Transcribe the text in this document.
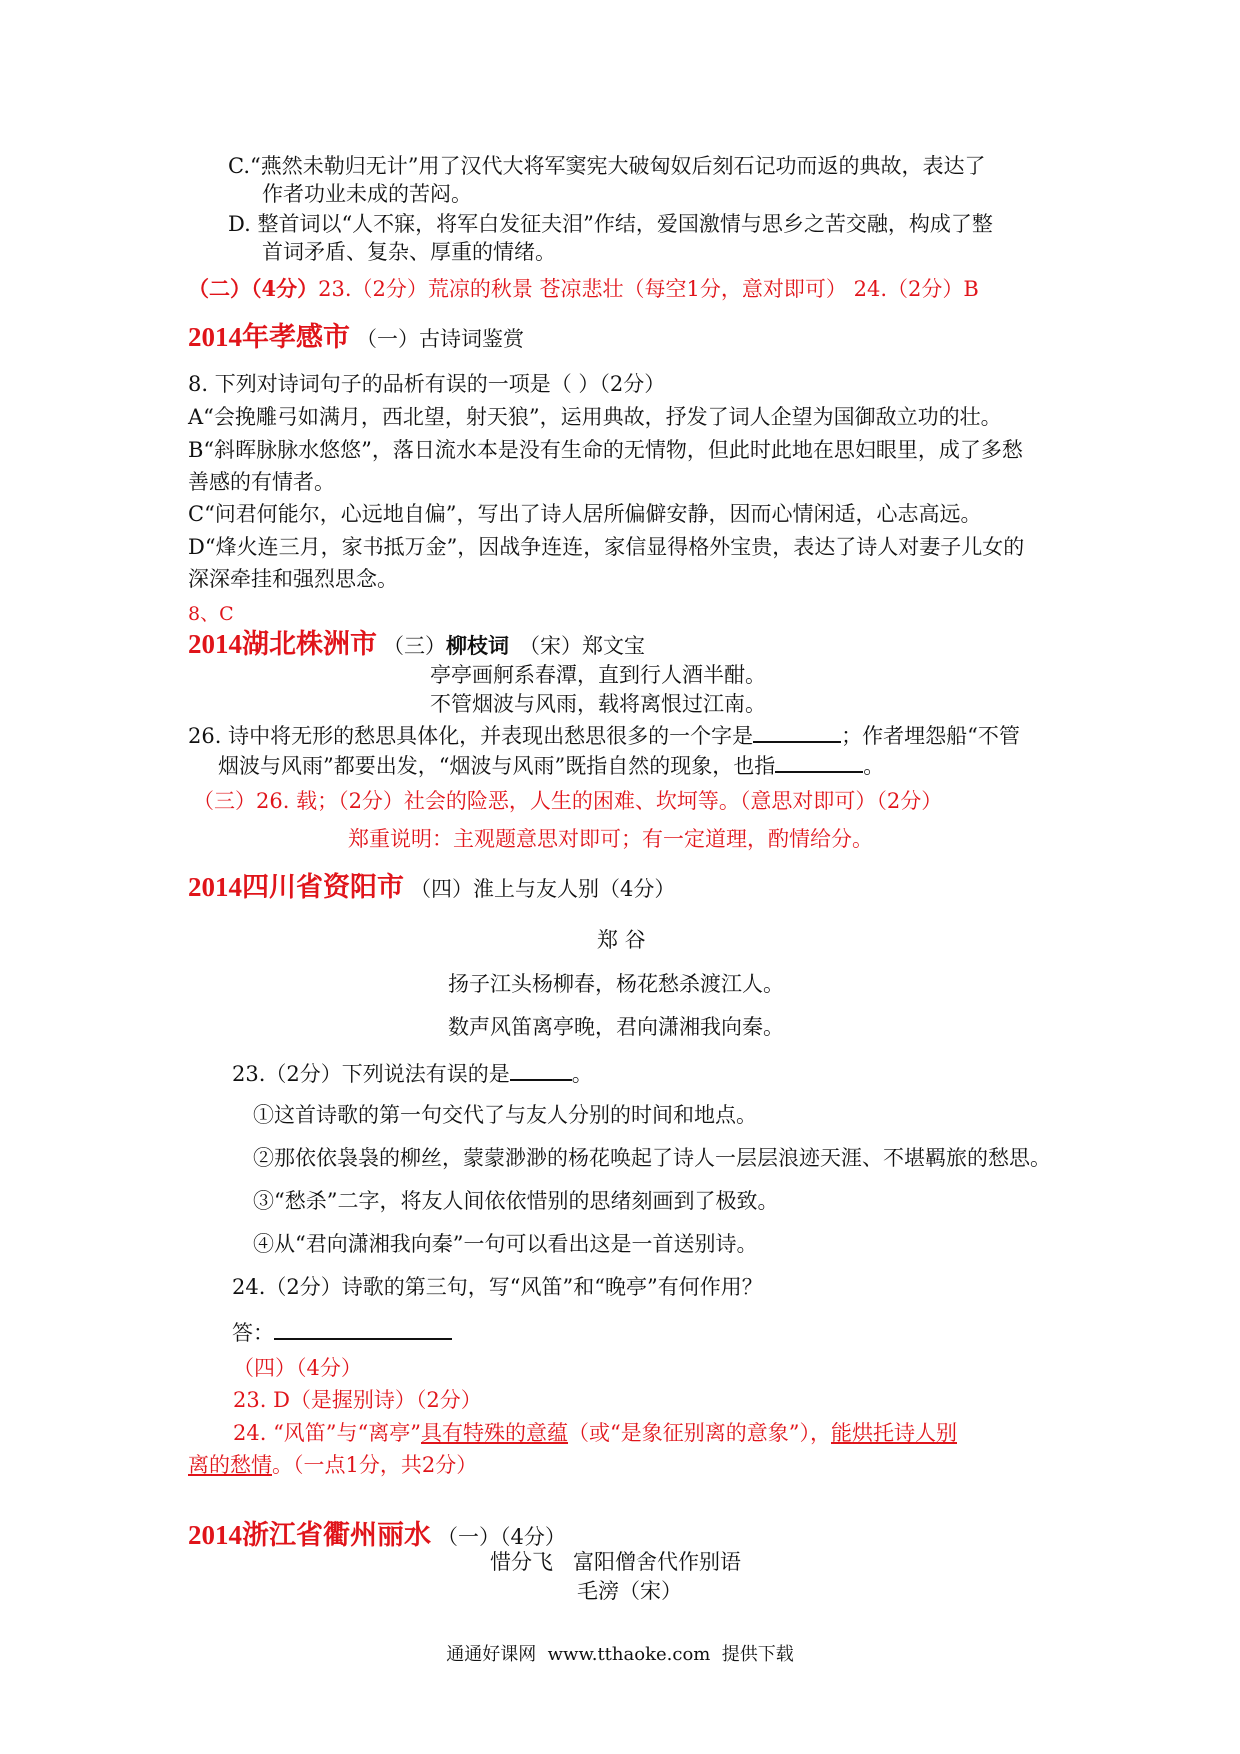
C.“燕然未勒归无计”用了汉代大将军窦宪大破匈奴后刻石记功而返的典故，表达了
作者功业未成的苦闷。
D. 整首词以“人不寐，将军白发征夫泪”作结，爱国激情与思乡之苦交融，构成了整
首词矛盾、复杂、厚重的情绪。
（二）（4分）23.（2分）荒凉的秋景 苍凉悲壮（每空1分，意对即可） 24.（2分）B
2014年孝感市 （一）古诗词鉴赏
8. 下列对诗词句子的品析有误的一项是（ ）（2分）
A“会挽雕弓如满月，西北望，射天狼”，运用典故，抒发了词人企望为国御敌立功的壮。
B“斜晖脉脉水悠悠”，落日流水本是没有生命的无情物，但此时此地在思妇眼里，成了多愁
善感的有情者。
C“问君何能尔，心远地自偏”，写出了诗人居所偏僻安静，因而心情闲适，心志高远。
D“烽火连三月，家书抵万金”，因战争连连，家信显得格外宝贵，表达了诗人对妻子儿女的
深深牵挂和强烈思念。
8、C
2014湖北株洲市 （三）柳枝词 （宋）郑文宝
亭亭画舸系春潭，直到行人酒半酣。
不管烟波与风雨，载将离恨过江南。
26. 诗中将无形的愁思具体化，并表现出愁思很多的一个字是	；作者埋怨船“不管
烟波与风雨”都要出发，“烟波与风雨”既指自然的现象，也指	。
（三）26. 载；（2分）社会的险恶，人生的困难、坎坷等。（意思对即可）（2分）
郑重说明：主观题意思对即可；有一定道理，酌情给分。
2014四川省资阳市 （四）淮上与友人别（4分）
郑 谷
扬子江头杨柳春，杨花愁杀渡江人。
数声风笛离亭晚，君向潇湘我向秦。
23.（2分）下列说法有误的是	。
①这首诗歌的第一句交代了与友人分别的时间和地点。
②那依依袅袅的柳丝，蒙蒙渺渺的杨花唤起了诗人一层层浪迹天涯、不堪羁旅的愁思。
③“愁杀”二字，将友人间依依惜别的思绪刻画到了极致。
④从“君向潇湘我向秦”一句可以看出这是一首送别诗。
24.（2分）诗歌的第三句，写“风笛”和“晚亭”有何作用？
答：
（四）（4分）
23. D（是握别诗）（2分）
24. “风笛”与“离亭”具有特殊的意蕴（或“是象征别离的意象”），能烘托诗人别
离的愁情。（一点1分，共2分）
2014浙江省衢州丽水 （一）（4分）
惜分飞   富阳僧舍代作别语
毛滂（宋）
通通好课网  www.tthaoke.com  提供下载
